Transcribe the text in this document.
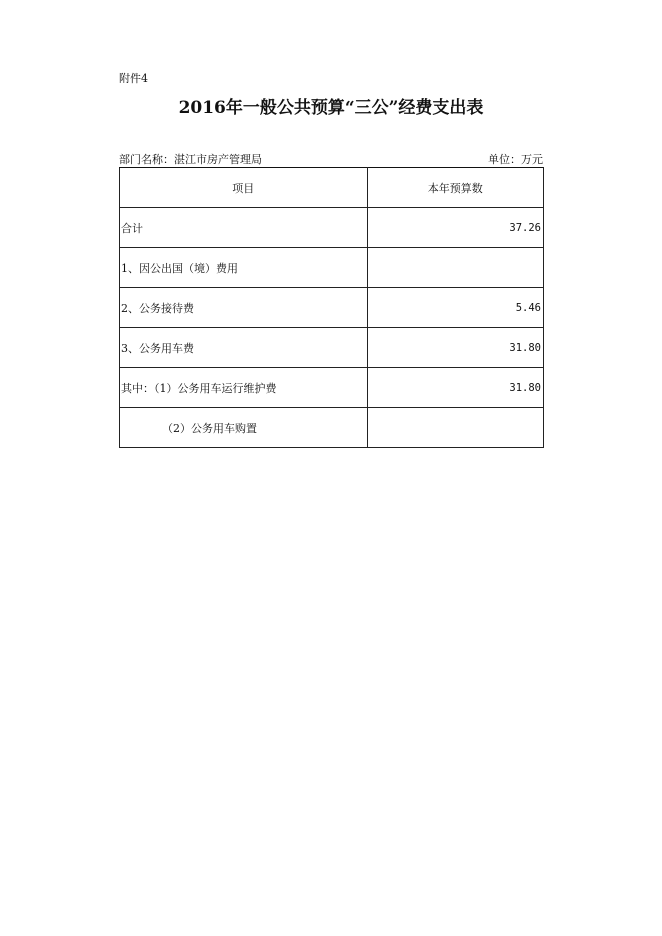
附件4
2016年一般公共预算“三公”经费支出表
部门名称：湛江市房产管理局	单位：万元
项目	本年预算数
合计	37.26
1、因公出国（境）费用	
2、公务接待费	5.46
3、公务用车费	31.80
其中：（1）公务用车运行维护费	31.80
（2）公务用车购置	
